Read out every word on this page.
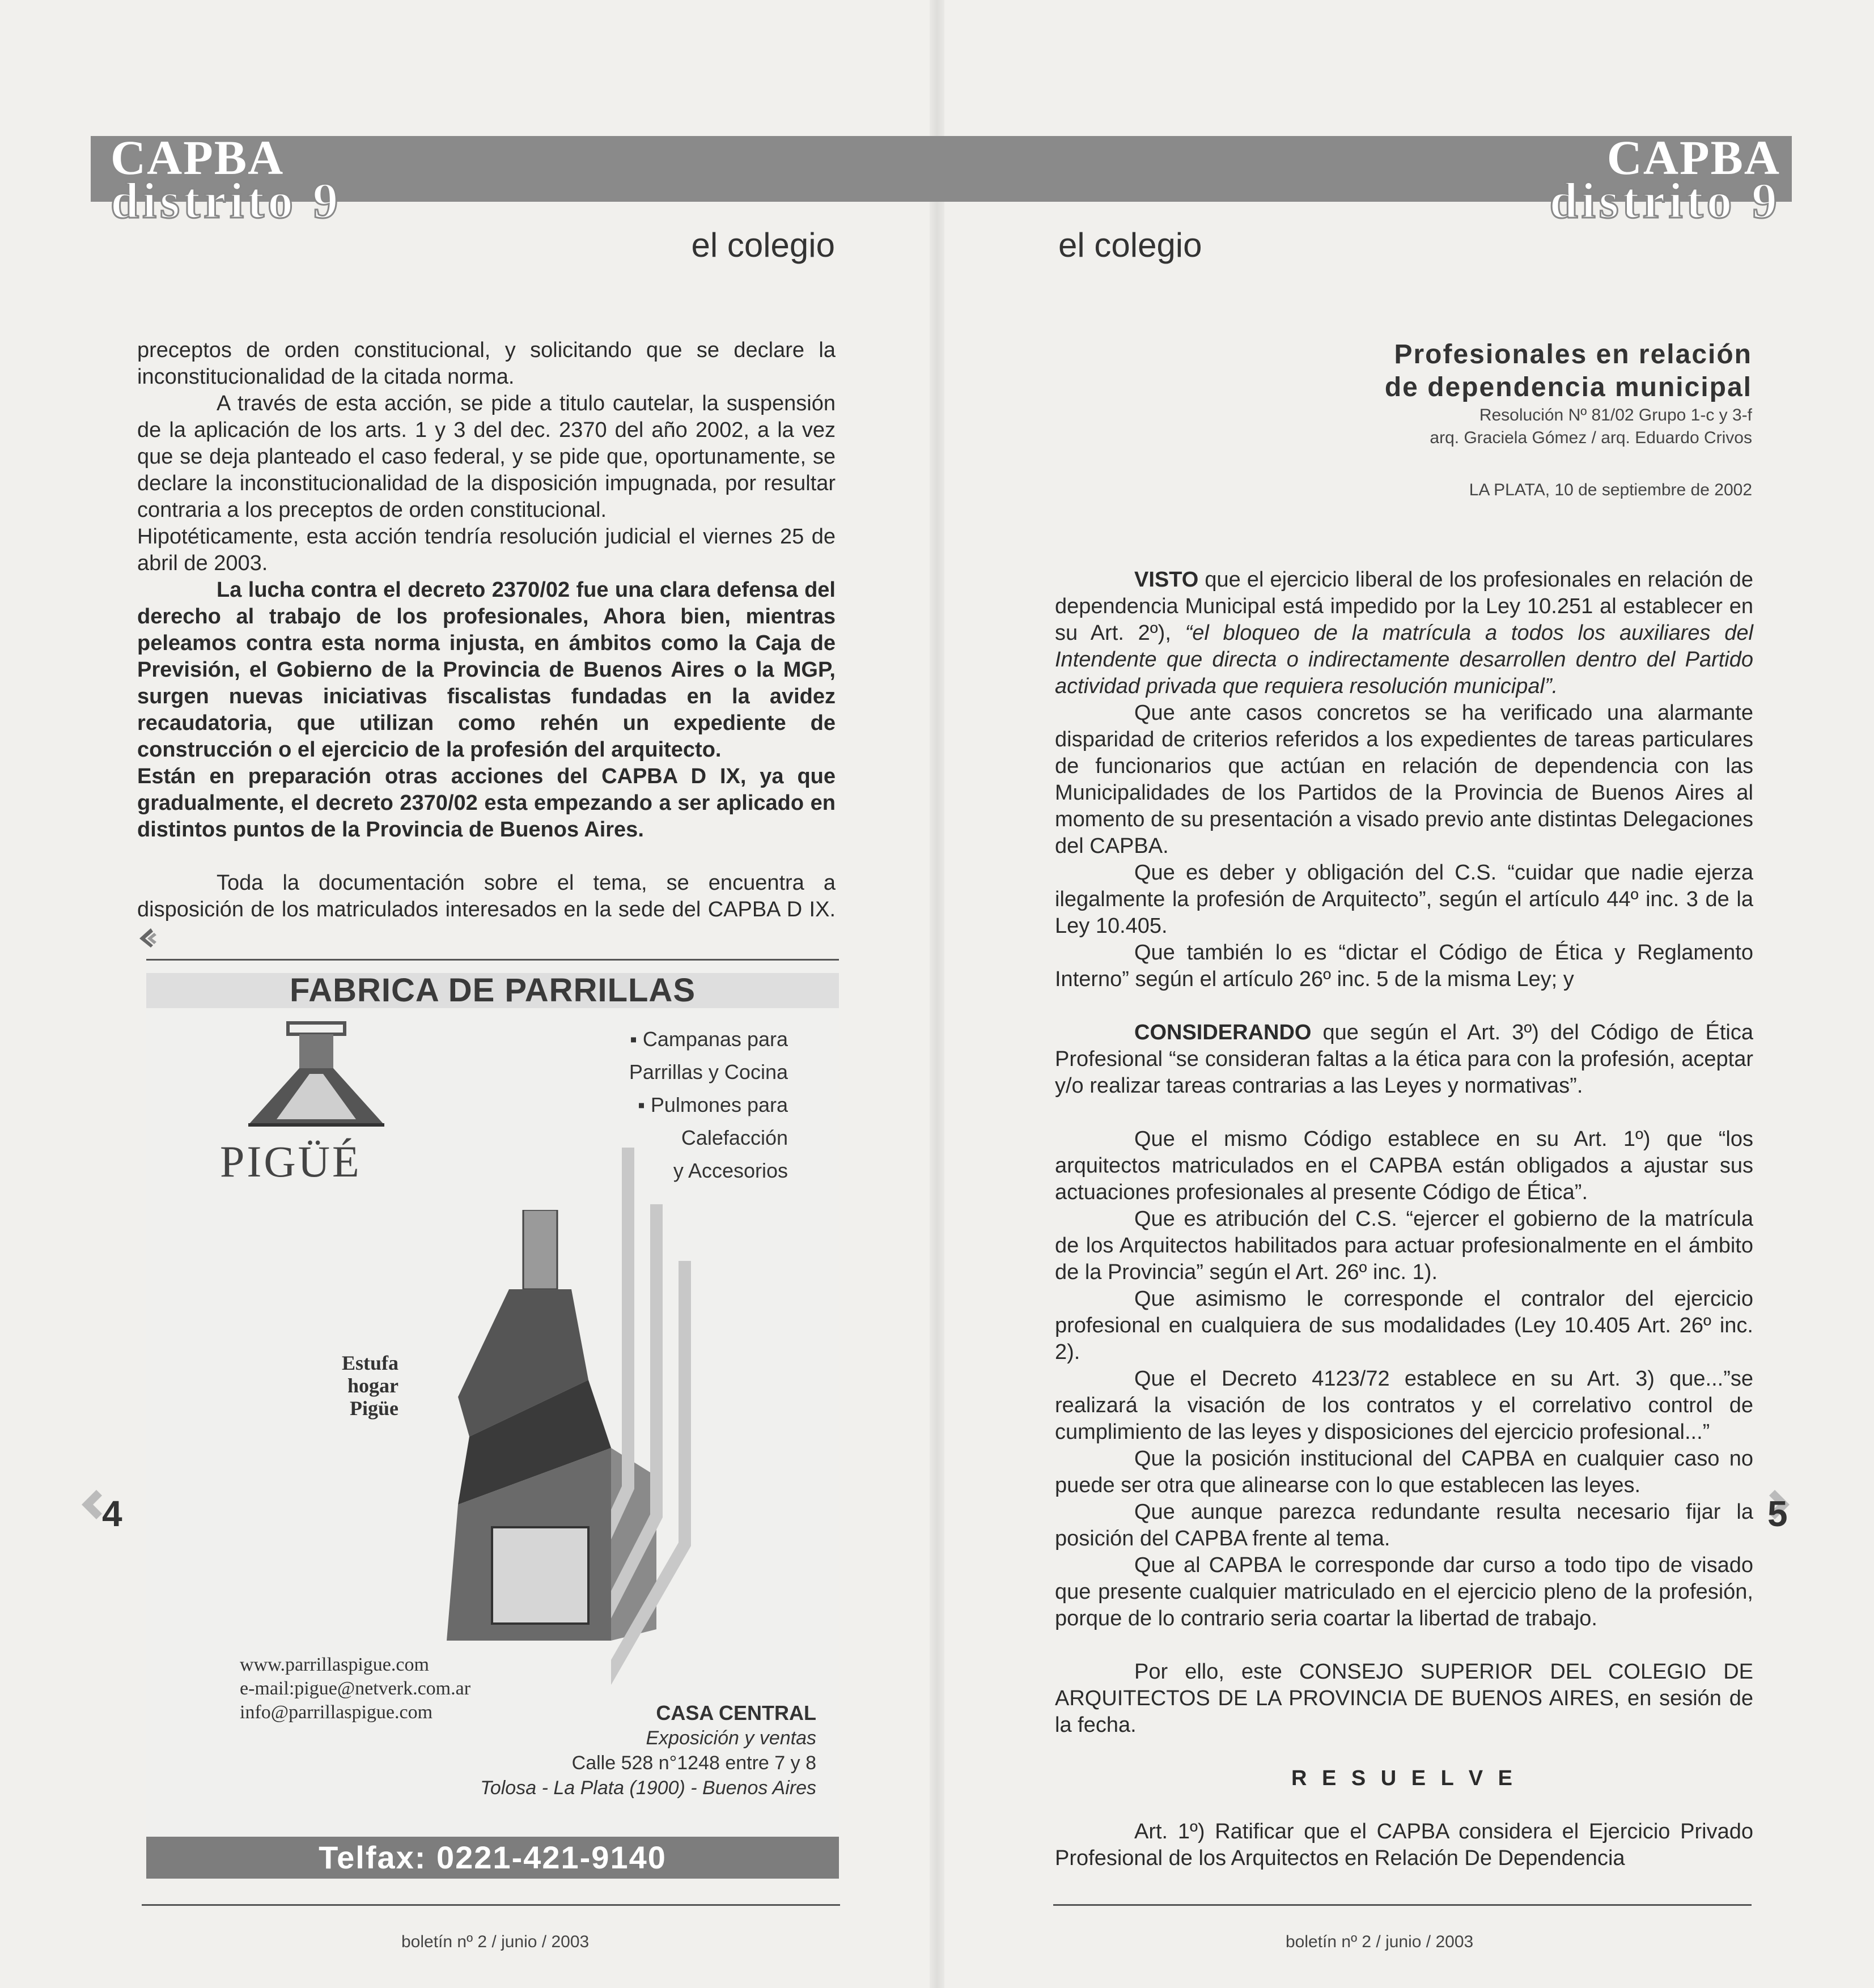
CAPBA
distrito 9
el colegio

preceptos de orden constitucional, y solicitando que se declare la inconstitucionalidad de la citada norma.

A través de esta acción, se pide a titulo cautelar, la suspensión de la aplicación de los arts. 1 y 3 del dec. 2370 del año 2002, a la vez que se deja planteado el caso federal, y se pide que, oportunamente, se declare la inconstitucionalidad de la disposición impugnada, por resultar contraria a los preceptos de orden constitucional.

Hipotéticamente, esta acción tendría resolución judicial el viernes 25 de abril de 2003.

La lucha contra el decreto 2370/02 fue una clara defensa del derecho al trabajo de los profesionales, Ahora bien, mientras peleamos contra esta norma injusta, en ámbitos como la Caja de Previsión, el Gobierno de la Provincia de Buenos Aires o la MGP, surgen nuevas iniciativas fiscalistas fundadas en la avidez recaudatoria, que utilizan como rehén un expediente de construcción o el ejercicio de la profesión del arquitecto.

Están en preparación otras acciones del CAPBA D IX, ya que gradualmente, el decreto 2370/02 esta empezando a ser aplicado en distintos puntos de la Provincia de Buenos Aires.

Toda la documentación sobre el tema, se encuentra a disposición de los matriculados interesados en la sede del CAPBA D IX.

FABRICA DE PARRILLAS
PIGÜÉ
▪ Campanas para
Parrillas y Cocina
▪ Pulmones para
Calefacción
y Accesorios
Estufa
hogar
Pigüe
www.parrillaspigue.com
e-mail:pigue@netverk.com.ar
info@parrillaspigue.com	CASA CENTRAL
Exposición y ventas
Calle 528 n°1248 entre 7 y 8
Tolosa - La Plata (1900) - Buenos Aires
Telfax: 0221-421-9140
4
boletín nº 2 / junio / 2003
CAPBA
distrito 9
el colegio
Profesionales en relación
de dependencia municipal
Resolución Nº 81/02 Grupo 1-c y 3-f
arq. Graciela Gómez / arq. Eduardo Crivos
LA PLATA, 10 de septiembre de 2002

VISTO que el ejercicio liberal de los profesionales en relación de dependencia Municipal está impedido por la Ley 10.251 al establecer en su Art. 2º), “el bloqueo de la matrícula a todos los auxiliares del Intendente que directa o indirectamente desarrollen dentro del Partido actividad privada que requiera resolución municipal”.

Que ante casos concretos se ha verificado una alarmante disparidad de criterios referidos a los expedientes de tareas particulares de funcionarios que actúan en relación de dependencia con las Municipalidades de los Partidos de la Provincia de Buenos Aires al momento de su presentación a visado previo ante distintas Delegaciones del CAPBA.

Que es deber y obligación del C.S. “cuidar que nadie ejerza ilegalmente la profesión de Arquitecto”, según el artículo 44º inc. 3 de la Ley 10.405.

Que también lo es “dictar el Código de Ética y Reglamento Interno” según el artículo 26º inc. 5 de la misma Ley; y

CONSIDERANDO que según el Art. 3º) del Código de Ética Profesional “se consideran faltas a la ética para con la profesión, aceptar y/o realizar tareas contrarias a las Leyes y normativas”.

Que el mismo Código establece en su Art. 1º) que “los arquitectos matriculados en el CAPBA están obligados a ajustar sus actuaciones profesionales al presente Código de Ética”.

Que es atribución del C.S. “ejercer el gobierno de la matrícula de los Arquitectos habilitados para actuar profesionalmente en el ámbito de la Provincia” según el Art. 26º inc. 1).

Que asimismo le corresponde el contralor del ejercicio profesional en cualquiera de sus modalidades (Ley 10.405 Art. 26º inc. 2).

Que el Decreto 4123/72 establece en su Art. 3) que...”se realizará la visación de los contratos y el correlativo control de cumplimiento de las leyes y disposiciones del ejercicio profesional...”

Que la posición institucional del CAPBA en cualquier caso no puede ser otra que alinearse con lo que establecen las leyes.

Que aunque parezca redundante resulta necesario fijar la posición del CAPBA frente al tema.

Que al CAPBA le corresponde dar curso a todo tipo de visado que presente cualquier matriculado en el ejercicio pleno de la profesión, porque de lo contrario seria coartar la libertad de trabajo.

Por ello, este CONSEJO SUPERIOR DEL COLEGIO DE ARQUITECTOS DE LA PROVINCIA DE BUENOS AIRES, en sesión de la fecha.

R E S U E L V E

Art. 1º) Ratificar que el CAPBA considera el Ejercicio Privado Profesional de los Arquitectos en Relación De Dependencia

5
boletín nº 2 / junio / 2003
